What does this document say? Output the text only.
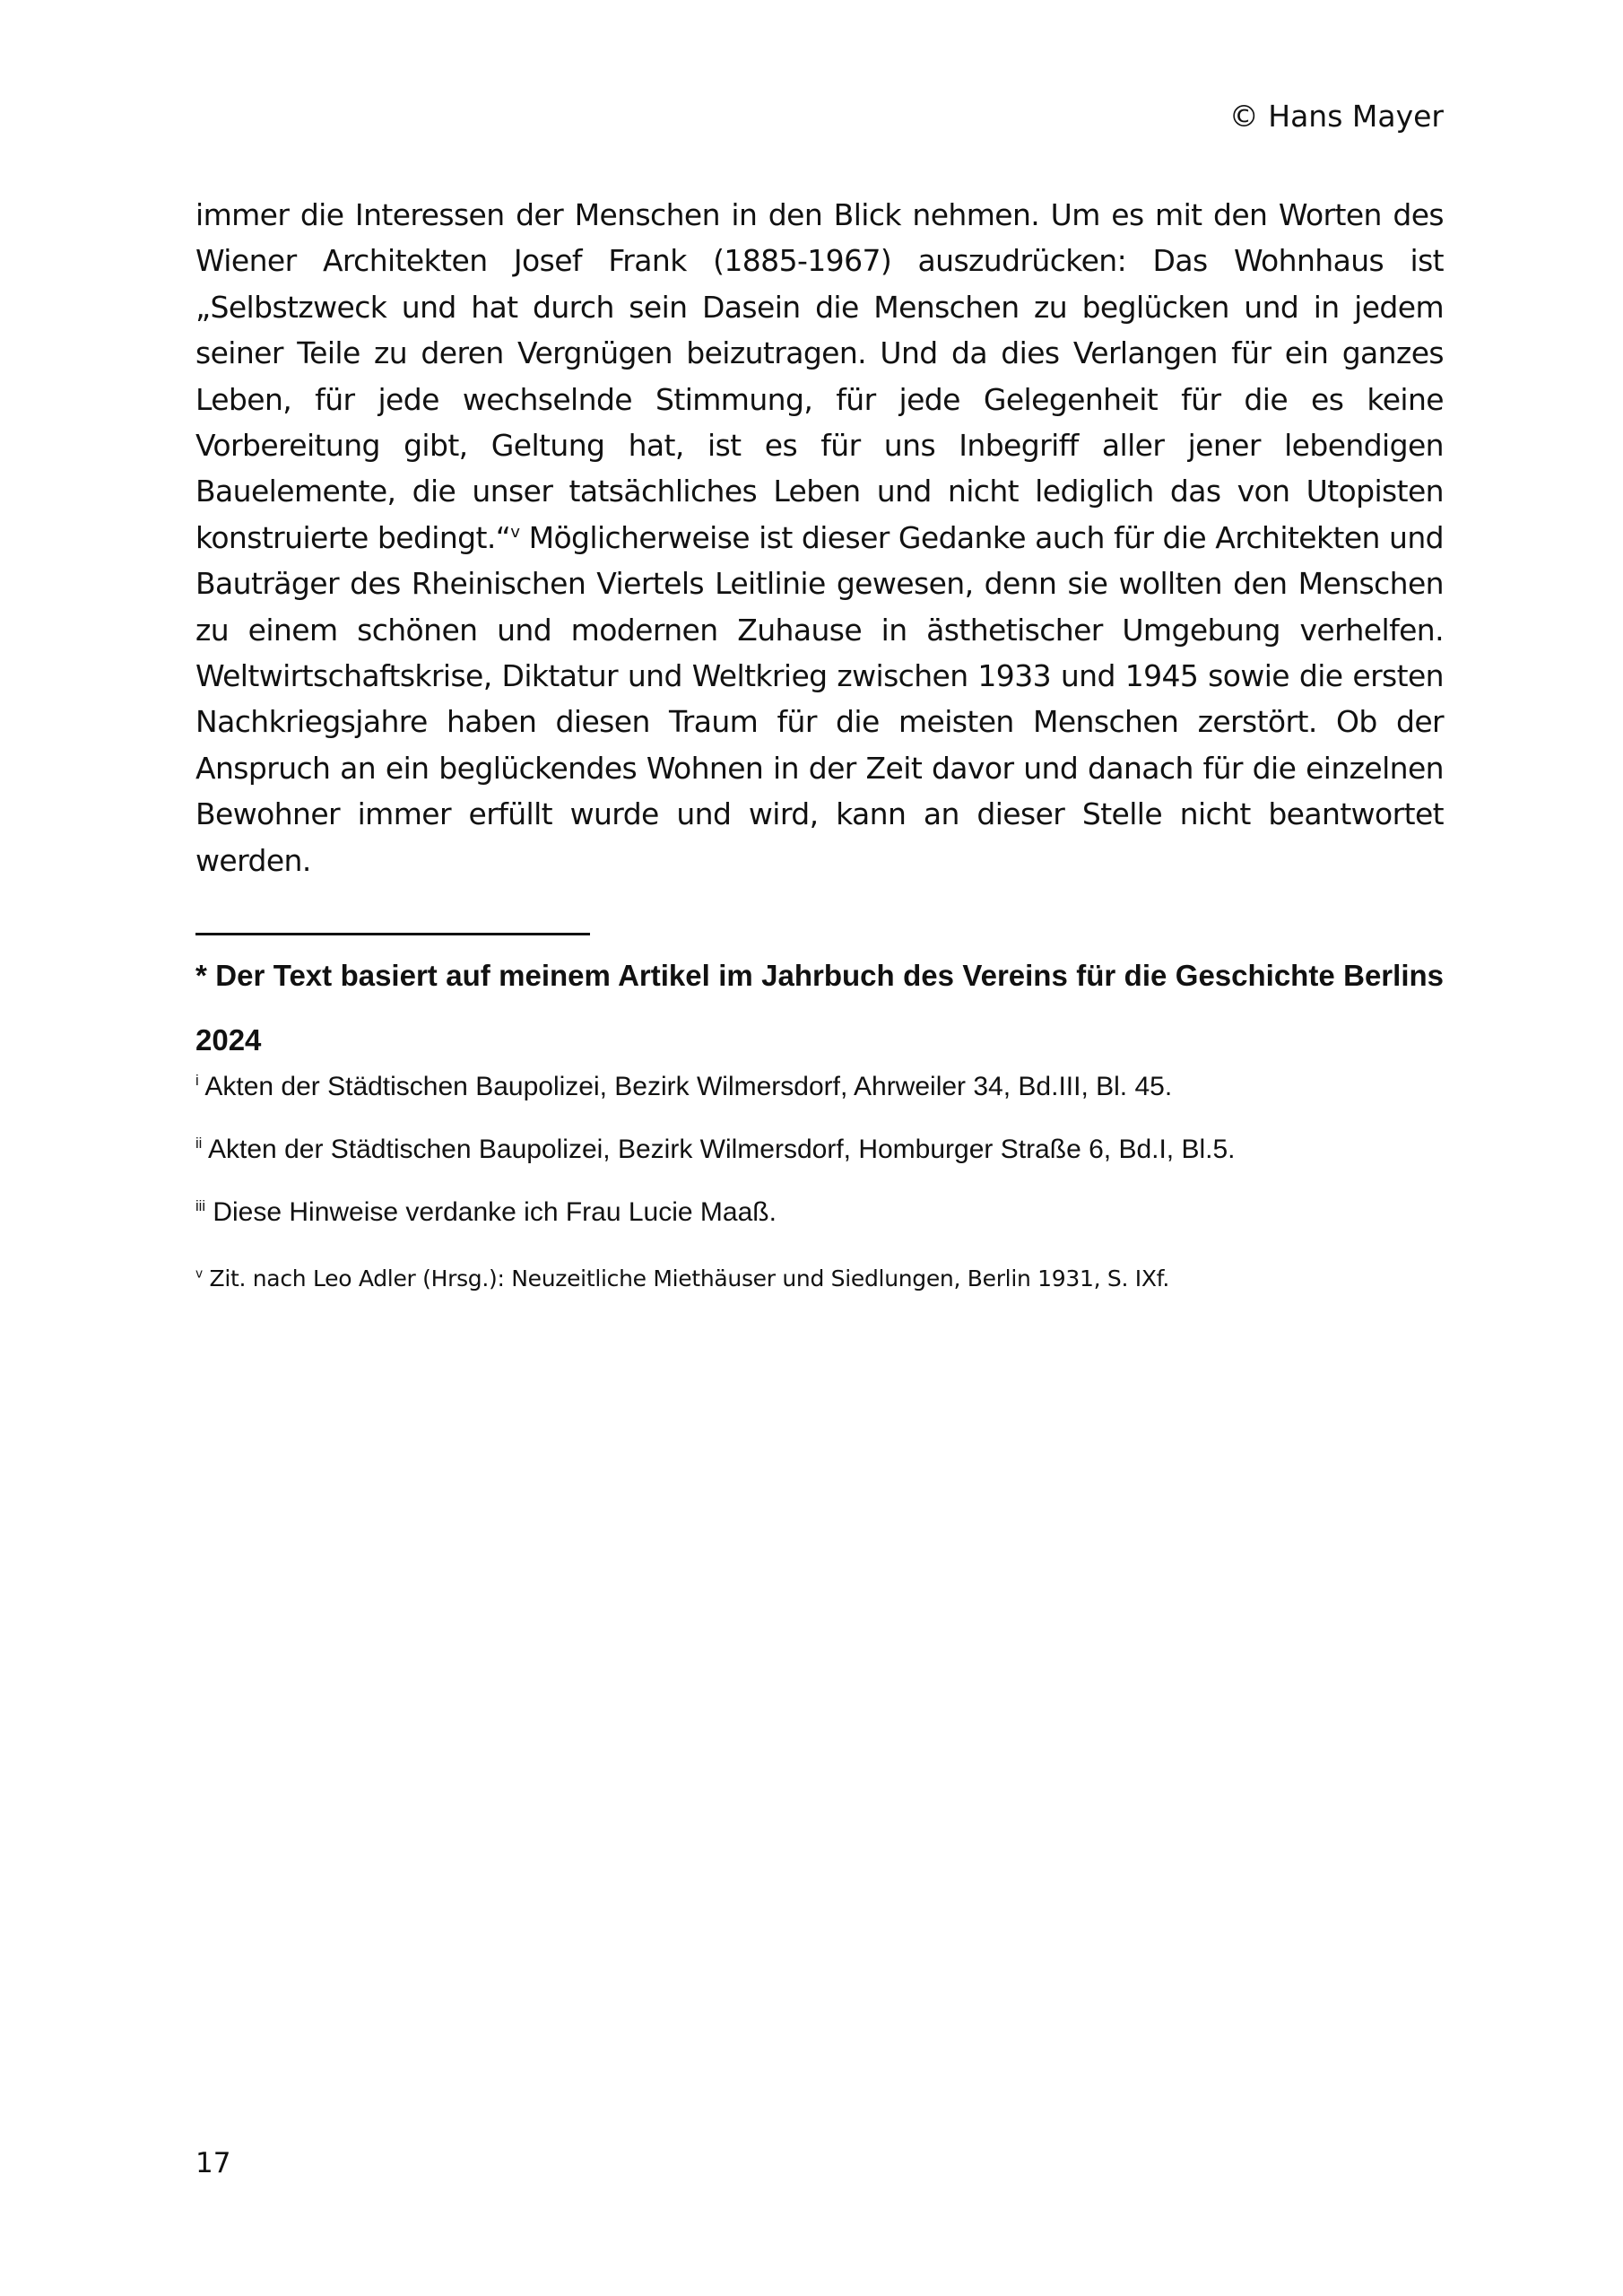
© Hans Mayer

immer die Interessen der Menschen in den Blick nehmen. Um es mit den Worten des Wiener Architekten Josef Frank (1885-1967) auszudrücken: Das Wohnhaus ist „Selbstzweck und hat durch sein Dasein die Menschen zu beglücken und in jedem seiner Teile zu deren Vergnügen beizutragen. Und da dies Verlangen für ein ganzes Leben, für jede wechselnde Stimmung, für jede Gelegenheit für die es keine Vorbereitung gibt, Geltung hat, ist es für uns Inbegriff aller jener lebendigen Bauelemente, die unser tatsächliches Leben und nicht lediglich das von Utopisten konstruierte bedingt.“$^v$ Möglicherweise ist dieser Gedanke auch für die Architekten und Bauträger des Rheinischen Viertels Leitlinie gewesen, denn sie wollten den Menschen zu einem schönen und modernen Zuhause in ästhetischer Umgebung verhelfen. Weltwirtschaftskrise, Diktatur und Weltkrieg zwischen 1933 und 1945 sowie die ersten Nachkriegsjahre haben diesen Traum für die meisten Menschen zerstört. Ob der Anspruch an ein beglückendes Wohnen in der Zeit davor und danach für die einzelnen Bewohner immer erfüllt wurde und wird, kann an dieser Stelle nicht beantwortet werden.

* Der Text basiert auf meinem Artikel im Jahrbuch des Vereins für die Geschichte Berlins 2024

$^i$ Akten der Städtischen Baupolizei, Bezirk Wilmersdorf, Ahrweiler 34, Bd.III, Bl. 45.

$^{ii}$ Akten der Städtischen Baupolizei, Bezirk Wilmersdorf, Homburger Straße 6, Bd.I, Bl.5.

$^{iii}$ Diese Hinweise verdanke ich Frau Lucie Maaß.

$^v$ Zit. nach Leo Adler (Hrsg.): Neuzeitliche Miethäuser und Siedlungen, Berlin 1931, S. IXf.

17
